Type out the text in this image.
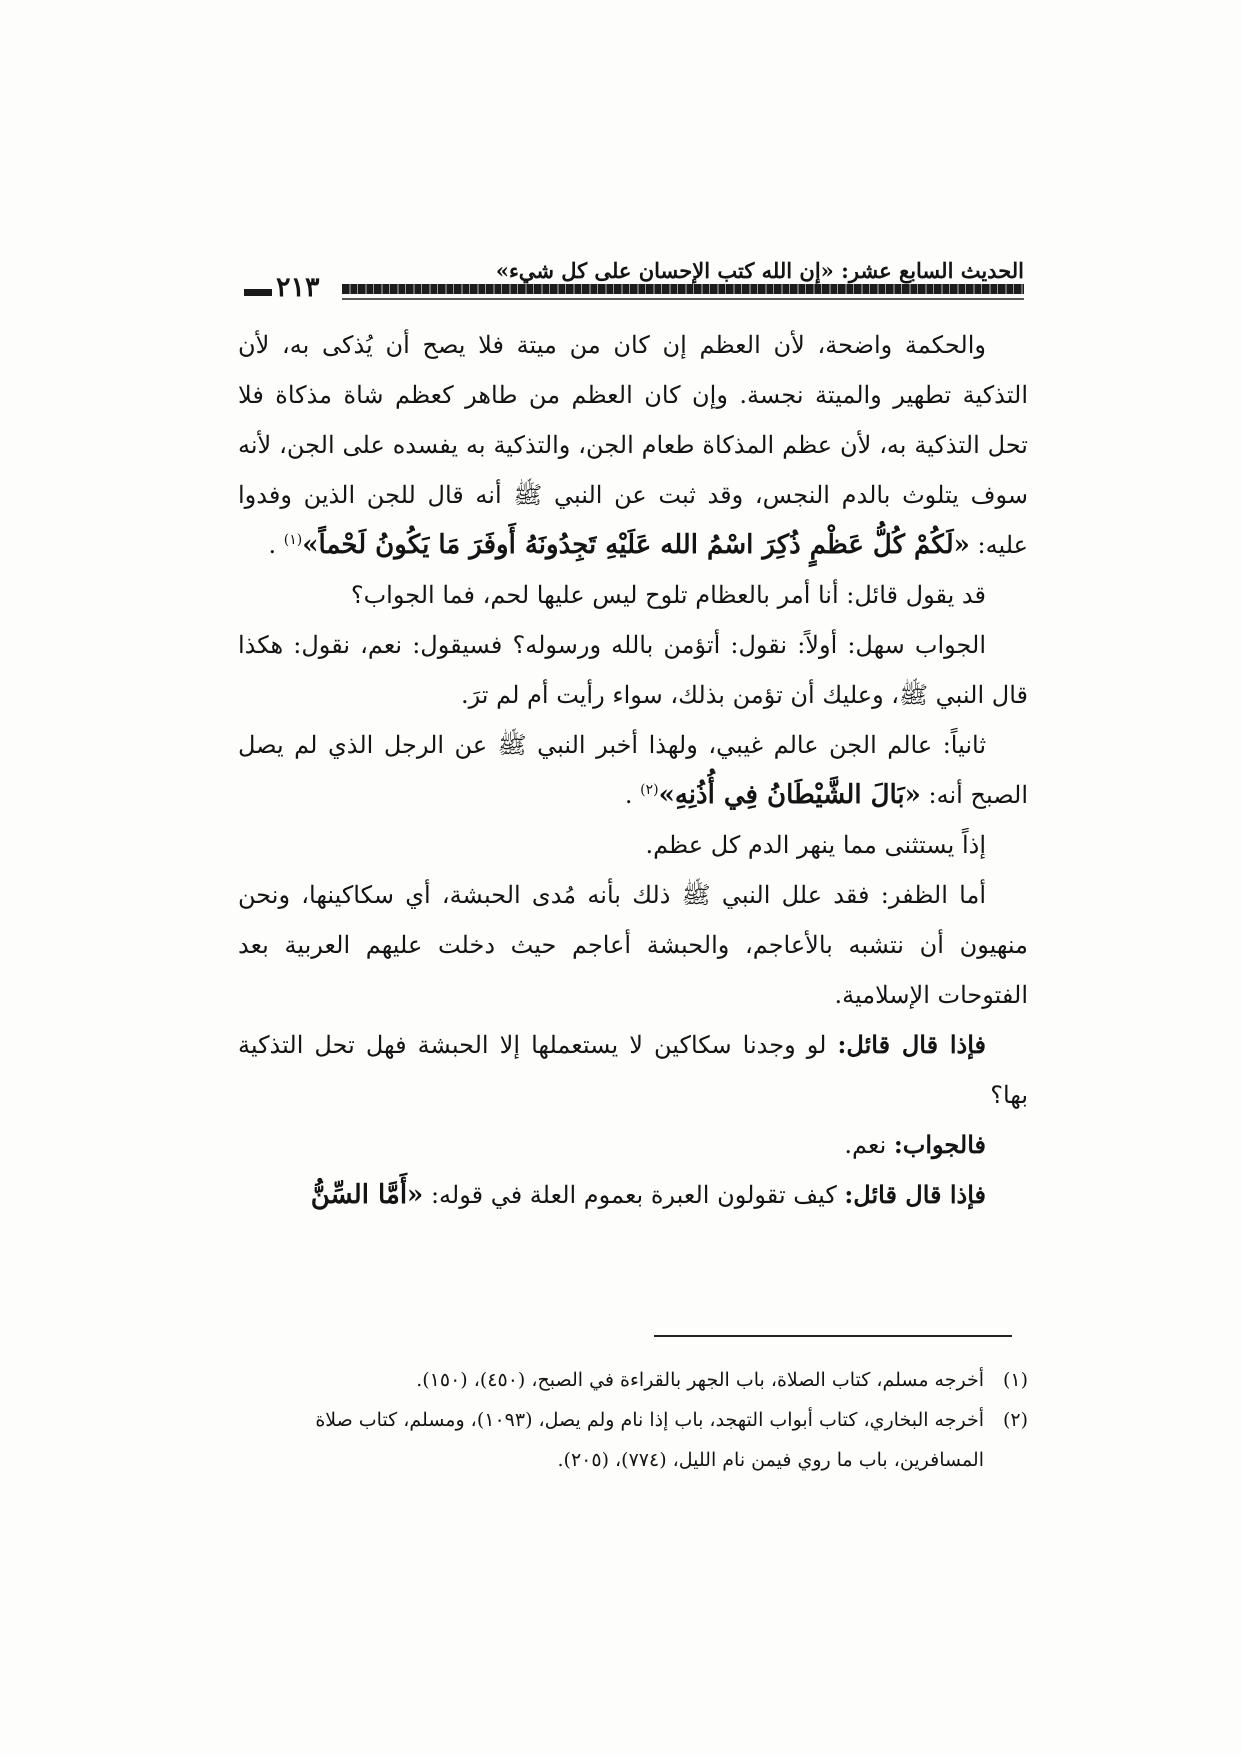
الحديث السابع عشر: «إن الله كتب الإحسان على كل شيء»
٢١٣

والحكمة واضحة، لأن العظم إن كان من ميتة فلا يصح أن يُذكى به، لأن التذكية تطهير والميتة نجسة. وإن كان العظم من طاهر كعظم شاة مذكاة فلا تحل التذكية به، لأن عظم المذكاة طعام الجن، والتذكية به يفسده على الجن، لأنه سوف يتلوث بالدم النجس، وقد ثبت عن النبي ﷺ أنه قال للجن الذين وفدوا عليه: «لَكُمْ كُلُّ عَظْمٍ ذُكِرَ اسْمُ الله عَلَيْهِ تَجِدُونَهُ أَوفَرَ مَا يَكُونُ لَحْماً»$^{(١)}$ .

قد يقول قائل: أنا أمر بالعظام تلوح ليس عليها لحم، فما الجواب؟

الجواب سهل: أولاً: نقول: أتؤمن بالله ورسوله؟ فسيقول: نعم، نقول: هكذا قال النبي ﷺ، وعليك أن تؤمن بذلك، سواء رأيت أم لم ترَ.

ثانياً: عالم الجن عالم غيبي، ولهذا أخبر النبي ﷺ عن الرجل الذي لم يصل الصبح أنه: «بَالَ الشَّيْطَانُ فِي أُذُنِهِ»$^{(٢)}$ .

إذاً يستثنى مما ينهر الدم كل عظم.

أما الظفر: فقد علل النبي ﷺ ذلك بأنه مُدى الحبشة، أي سكاكينها، ونحن منهيون أن نتشبه بالأعاجم، والحبشة أعاجم حيث دخلت عليهم العربية بعد الفتوحات الإسلامية.

فإذا قال قائل: لو وجدنا سكاكين لا يستعملها إلا الحبشة فهل تحل التذكية بها؟

فالجواب: نعم.

فإذا قال قائل: كيف تقولون العبرة بعموم العلة في قوله: «أَمَّا السِّنُّ

(١)
أخرجه مسلم، كتاب الصلاة، باب الجهر بالقراءة في الصبح، (٤٥٠)، (١٥٠).

(٢)
أخرجه البخاري، كتاب أبواب التهجد، باب إذا نام ولم يصل، (١٠٩٣)، ومسلم، كتاب صلاة المسافرين، باب ما روي فيمن نام الليل، (٧٧٤)، (٢٠٥).
